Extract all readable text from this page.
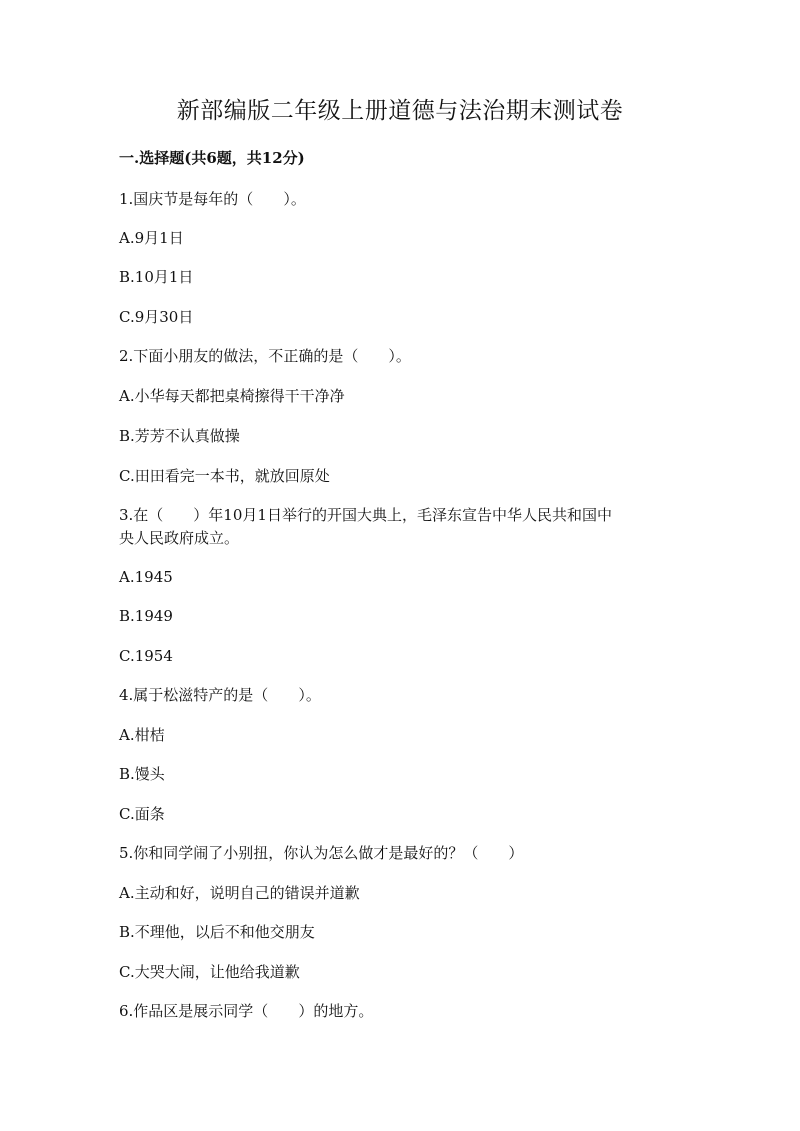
新部编版二年级上册道德与法治期末测试卷
一.选择题(共6题，共12分)
1.国庆节是每年的（　　）。
A.9月1日
B.10月1日
C.9月30日
2.下面小朋友的做法，不正确的是（　　）。
A.小华每天都把桌椅擦得干干净净
B.芳芳不认真做操
C.田田看完一本书，就放回原处
3.在（　　）年10月1日举行的开国大典上，毛泽东宣告中华人民共和国中
央人民政府成立。
A.1945
B.1949
C.1954
4.属于松滋特产的是（　　）。
A.柑桔
B.馒头
C.面条
5.你和同学闹了小别扭，你认为怎么做才是最好的？（　　）
A.主动和好，说明自己的错误并道歉
B.不理他，以后不和他交朋友
C.大哭大闹，让他给我道歉
6.作品区是展示同学（　　）的地方。
